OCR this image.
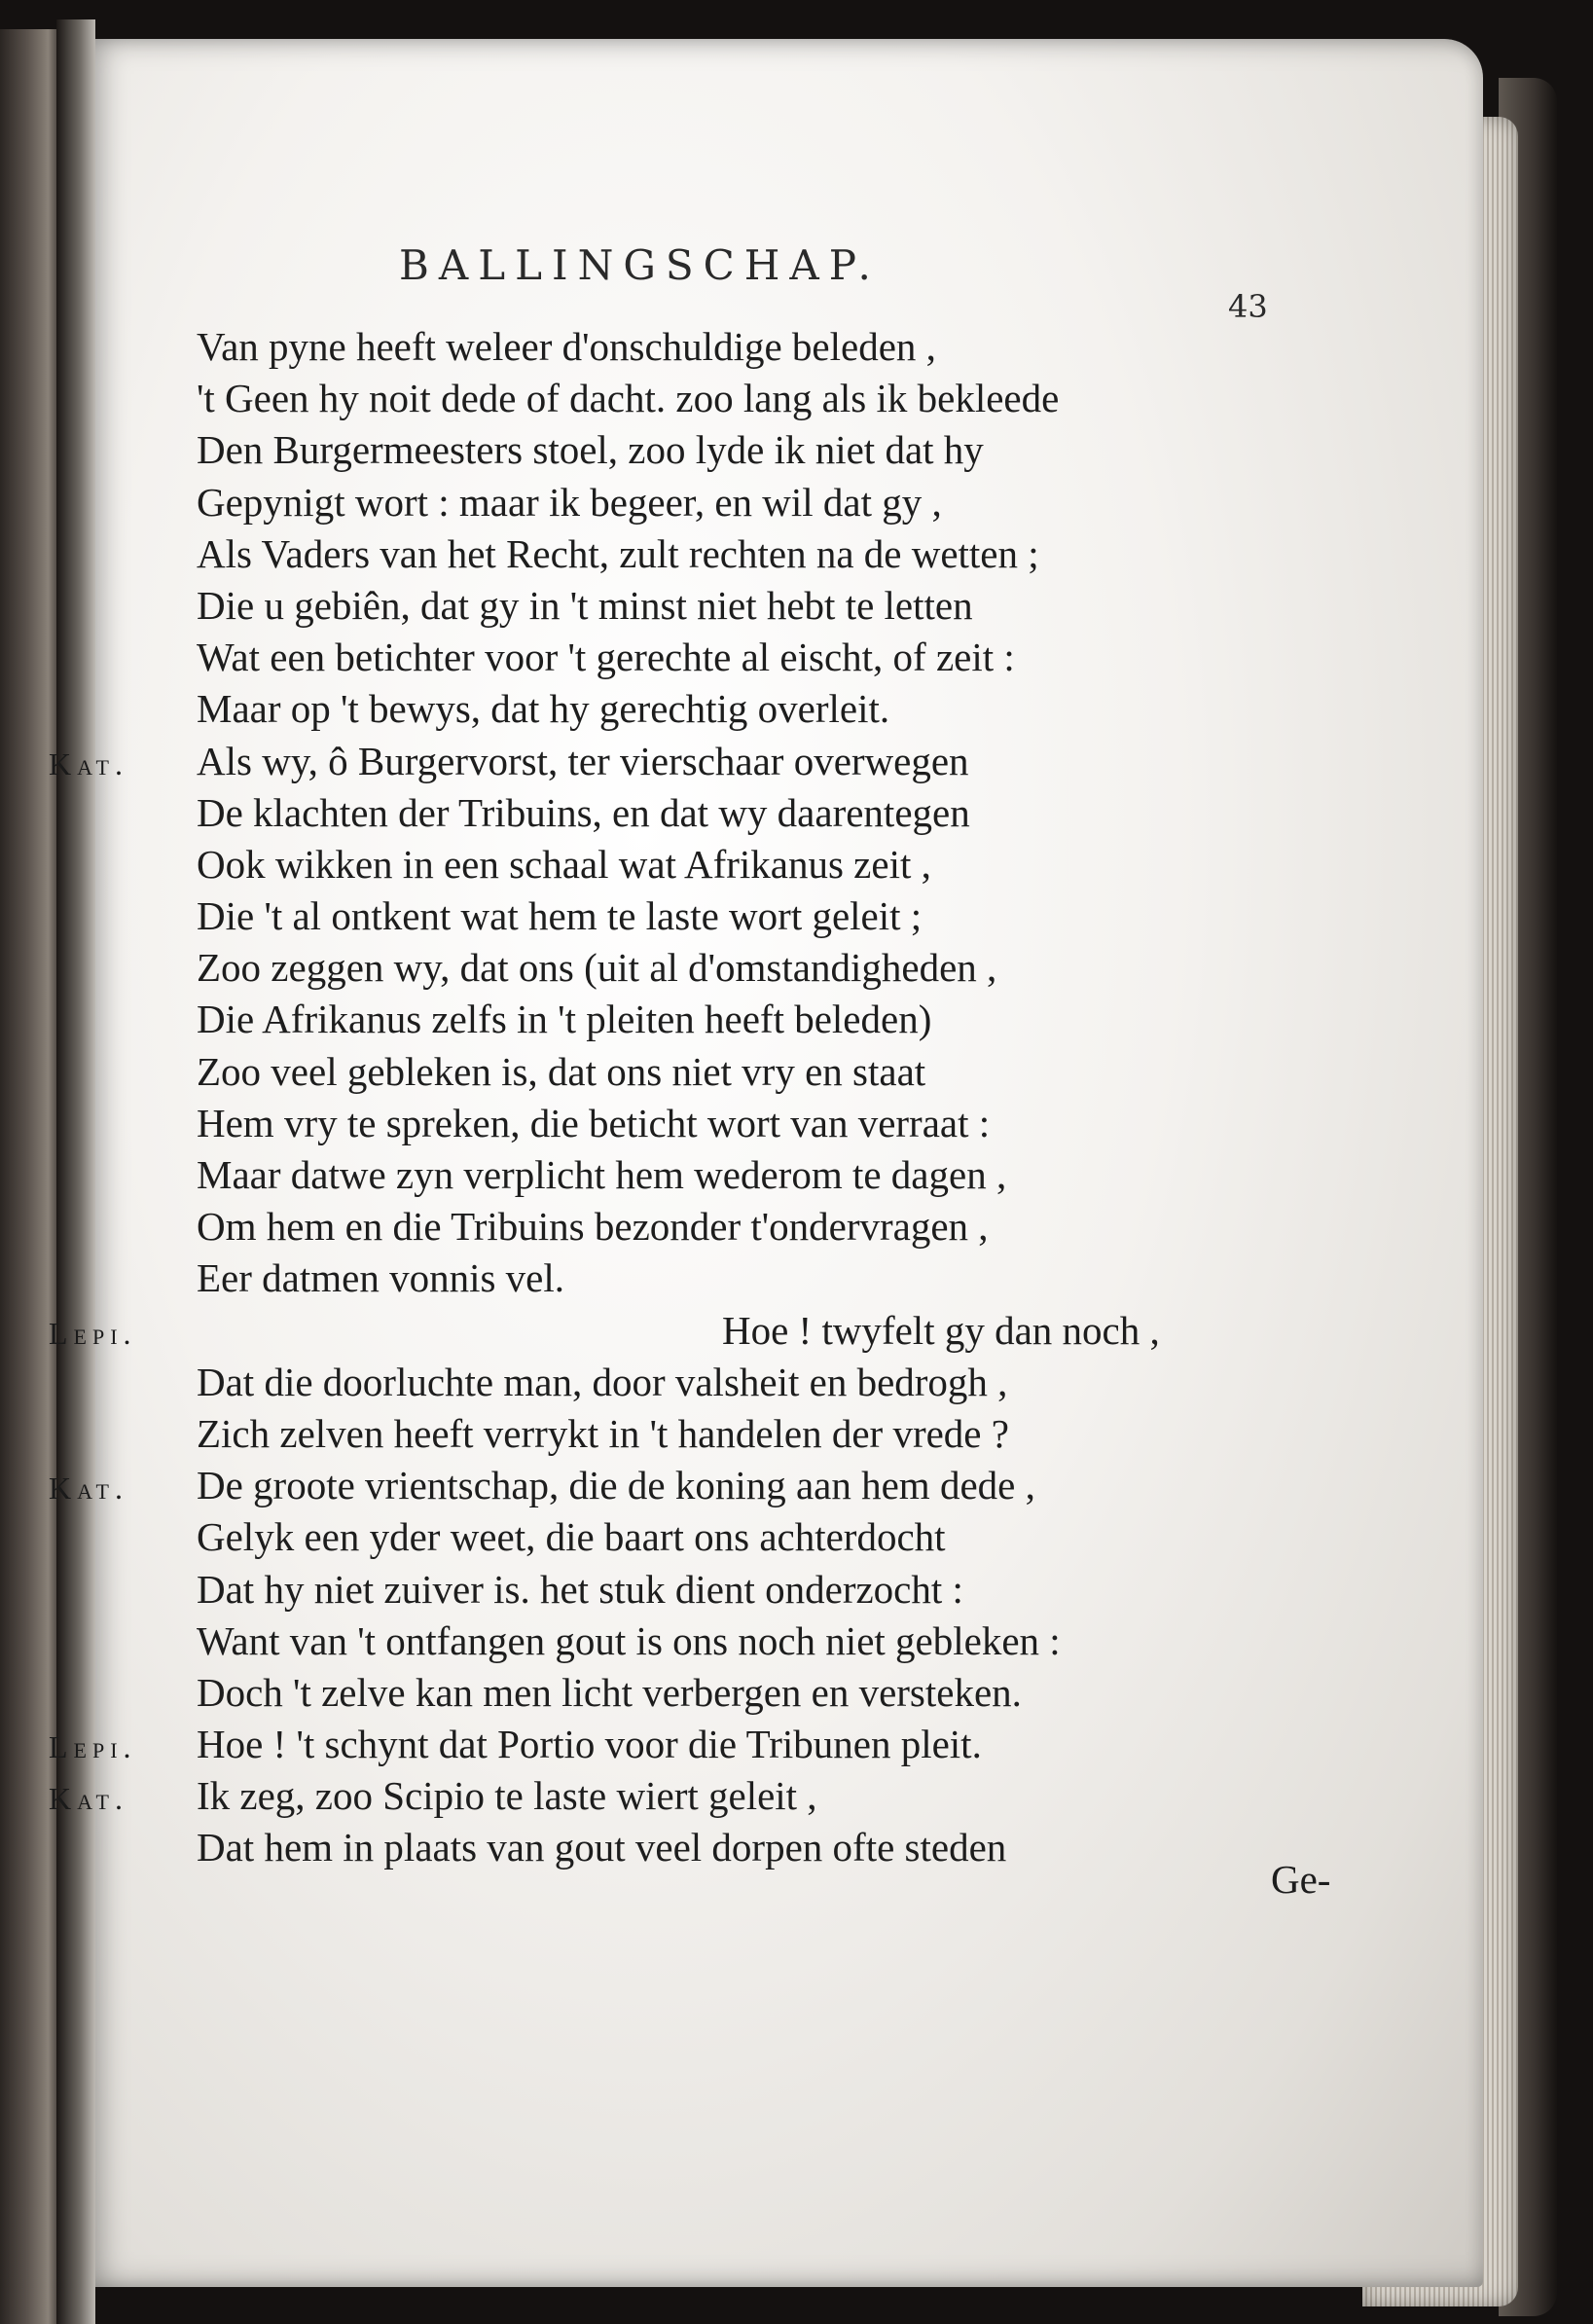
BALLINGSCHAP.
43
Van pyne heeft weleer d'onschuldige beleden ,
't Geen hy noit dede of dacht. zoo lang als ik bekleede
Den Burgermeesters stoel, zoo lyde ik niet dat hy
Gepynigt wort : maar ik begeer, en wil dat gy ,
Als Vaders van het Recht, zult rechten na de wetten ;
Die u gebiên, dat gy in 't minst niet hebt te letten
Wat een betichter voor 't gerechte al eischt, of zeit :
Maar op 't bewys, dat hy gerechtig overleit.
Kat. Als wy, ô Burgervorst, ter vierschaar overwegen
De klachten der Tribuins, en dat wy daarentegen
Ook wikken in een schaal wat Afrikanus zeit ,
Die 't al ontkent wat hem te laste wort geleit ;
Zoo zeggen wy, dat ons (uit al d'omstandigheden ,
Die Afrikanus zelfs in 't pleiten heeft beleden)
Zoo veel gebleken is, dat ons niet vry en staat
Hem vry te spreken, die beticht wort van verraat :
Maar datwe zyn verplicht hem wederom te dagen ,
Om hem en die Tribuins bezonder t'ondervragen ,
Eer datmen vonnis vel.
Lepi.	Hoe ! twyfelt gy dan noch ,
Dat die doorluchte man, door valsheit en bedrogh ,
Zich zelven heeft verrykt in 't handelen der vrede ?
Kat. De groote vrientschap, die de koning aan hem dede ,
Gelyk een yder weet, die baart ons achterdocht
Dat hy niet zuiver is. het stuk dient onderzocht :
Want van 't ontfangen gout is ons noch niet gebleken :
Doch 't zelve kan men licht verbergen en versteken.
Lepi. Hoe ! 't schynt dat Portio voor die Tribunen pleit.
Kat. Ik zeg, zoo Scipio te laste wiert geleit ,
Dat hem in plaats van gout veel dorpen ofte steden
Ge-
